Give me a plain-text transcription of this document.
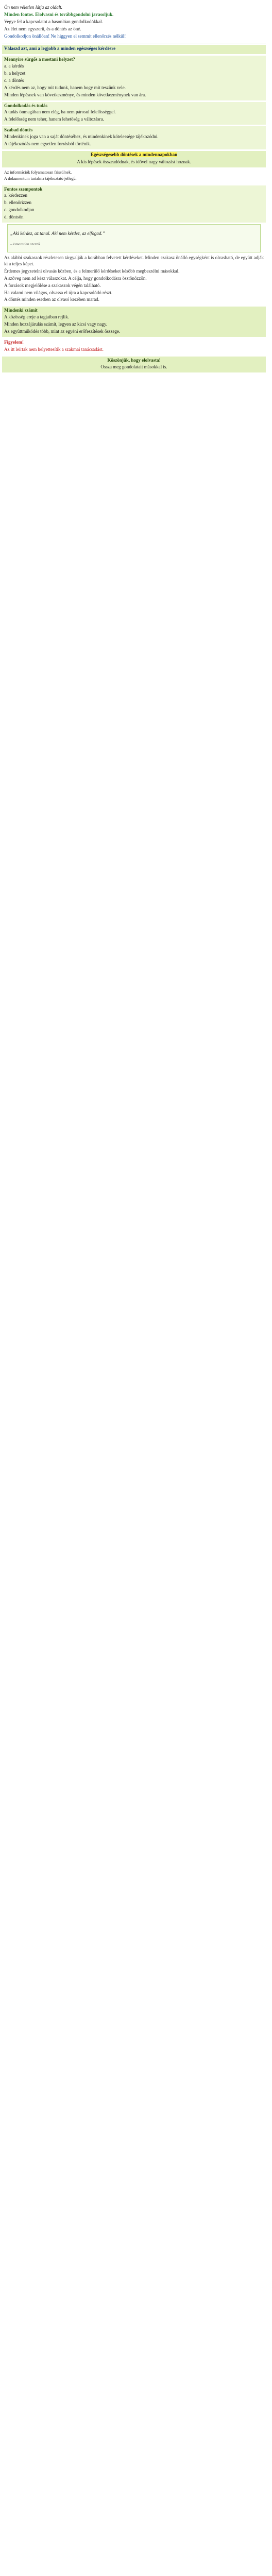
Ön nem véletlen látja az oldalt.

Minden fontos. Elolvasni és továbbgondolni javasoljuk.

Vegye fel a kapcsolatot a hasonlóan gondolkodókkal.

Az élet nem egyszerű, és a döntés az öné.

Gondolkodjon önállóan! Ne higgyen el semmit ellenőrzés nélkül!

Válaszd azt, ami a legjobb a minden egészséges kérdésre

Mennyire sürgős a mostani helyzet?

a. a kérdés

b. a helyzet

c. a döntés

A kérdés nem az, hogy mit tudunk, hanem hogy mit teszünk vele.

Minden lépésnek van következménye, és minden következménynek van ára.

Gondolkodás és tudás

A tudás önmagában nem elég, ha nem párosul felelősséggel.

A felelősség nem teher, hanem lehetőség a változásra.

Szabad döntés

Mindenkinek joga van a saját döntéséhez, és mindenkinek kötelessége tájékozódni.

A tájékozódás nem egyetlen forrásból történik.

Egészségesebb döntések a mindennapokban

A kis lépések összeadódnak, és idővel nagy változást hoznak.

Az információk folyamatosan frissülnek.

A dokumentum tartalma tájékoztató jellegű.

Fontos szempontok

a. kérdezzen

b. ellenőrizzen

c. gondolkodjon

d. döntsön

„Aki kérdez, az tanul. Aki nem kérdez, az elfogad.”

– ismeretlen szerző

Az alábbi szakaszok részletesen tárgyalják a korábban felvetett kérdéseket. Minden szakasz önálló egységként is olvasható, de együtt adják ki a teljes képet.

Érdemes jegyzetelni olvasás közben, és a felmerülő kérdéseket később megbeszélni másokkal.

A szöveg nem ad kész válaszokat. A célja, hogy gondolkodásra ösztönözzön.

A források megjelölése a szakaszok végén található.

Ha valami nem világos, olvassa el újra a kapcsolódó részt.

A döntés minden esetben az olvasó kezében marad.

Mindenki számít

A közösség ereje a tagjaiban rejlik.

Minden hozzájárulás számít, legyen az kicsi vagy nagy.

Az együttműködés több, mint az egyéni erőfeszítések összege.

Figyelem!

Az itt leírtak nem helyettesítik a szakmai tanácsadást.

Köszönjük, hogy elolvasta!

Ossza meg gondolatait másokkal is.
